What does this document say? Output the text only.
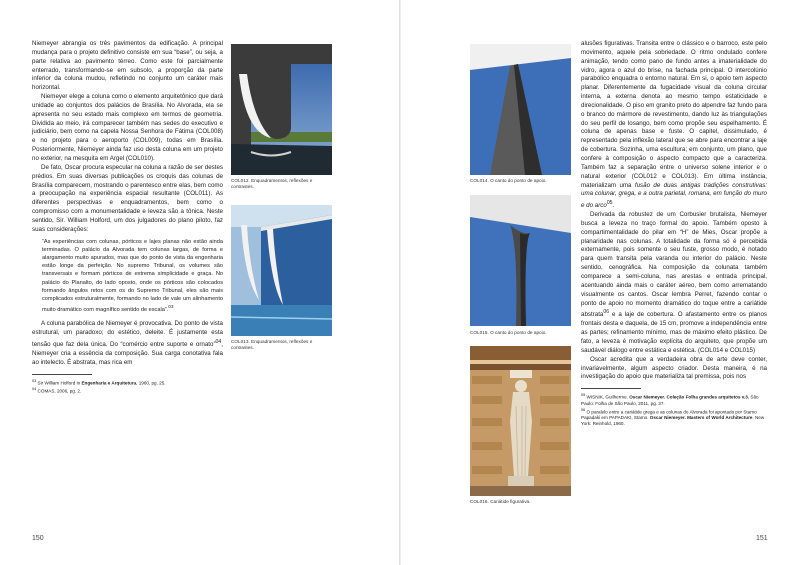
Niemeyer abrangia os três pavimentos da edificação. A principal mudança para o projeto definitivo consiste em sua “base”, ou seja, a parte relativa ao pavimento térreo. Como este foi parcialmente enterrado, transformando-se em subsolo, a proporção da parte inferior da coluna mudou, refletindo no conjunto um caráter mais horizontal.

Niemeyer elege a coluna como o elemento arquitetônico que dará unidade ao conjuntos dos palácios de Brasília. No Alvorada, ela se apresenta no seu estado mais complexo em termos de geometria. Dividida ao meio, irá comparecer também nas sedes do executivo e judiciário, bem como na capela Nossa Senhora de Fátima (COL008) e no projeto para o aeroporto (COL009), todas em Brasília. Posteriormente, Niemeyer ainda faz uso desta coluna em um projeto no exterior, na mesquita em Argel (COL010).

De fato, Oscar procura especular na coluna a razão de ser destes prédios. Em suas diversas publicações os croquis das colunas de Brasília comparecem, mostrando o parentesco entre elas, bem como a preocupação na experiência espacial resultante (COL011). As diferentes perspectivas e enquadramentos, bem como o compromisso com a monumentalidade e leveza são a tônica. Neste sentido, Sir. William Holford, um dos julgadores do plano piloto, faz suas considerações:

“As experiências com colunas, pórticos e lajes planas não estão ainda terminadas. O palácio da Alvorada tem colunas largas, de forma e alargamento muito apurados, mas que do ponto de vista da engenharia estão longe da perfeição. No supremo Tribunal, os volumes são transversais e formam pórticos de extrema simplicidade e graça. No palácio do Planalto, do lado oposto, onde os pórticos são colocados formando ângulos retos com os do Supremo Tribunal, eles são mais complicados estruturalmente, formando no lado de vale um alinhamento muito dramático com magnífico sentido de escala”.$^{03}$

A coluna parabólica de Niemeyer é provocativa. Do ponto de vista estrutural, um paradoxo; do estético, deleite. É justamente esta tensão que faz dela única. Do “comércio entre suporte e ornato”$^{04}$, Niemeyer cria a essência da composição. Sua carga conotativa fala ao intelecto. É abstrata, mas rica em

$^{03}$ Sir William Holford in Engenharia e Arquitetura, 1960, pg. 25.

$^{04}$ COMAS, 2006, pg. 2.

COL012. Enquadramentos, reflexões e contrastes.
COL013. Enquadramentos, reflexões e contrastes.
150
COL014. O canto do ponto de apoio.
COL015. O canto do ponto de apoio.
COL016. Cariátide figurativa.

alusões figurativas. Transita entre o clássico e o barroco, este pelo movimento, aquele pela sobriedade. O ritmo ondulado confere animação, tendo como pano de fundo antes a imaterialidade do vidro, agora o azul do brise, na fachada principal. O intercolúnio parabólico enquadra o entorno natural. Em si, o apoio tem aspecto planar. Diferentemente da fugacidade visual da coluna circular interna, a externa denota ao mesmo tempo estaticidade e direcionalidade. O piso em granito preto do alpendre faz fundo para o branco do mármore de revestimento, dando luz às triangulações do seu perfil de losango, bem como propõe seu espelhamento. É coluna de apenas base e fuste. O capitel, dissimulado, é representado pela inflexão lateral que se abre para encontrar a laje de cobertura. Sozinha, uma escultura; em conjunto, um plano, que confere à composição o aspecto compacto que a caracteriza. Também faz a separação entre o universo solene interior e o natural exterior (COL012 e COL013). Em última instância, materializam uma fusão de duas antigas tradições construtivas: uma colunar, grega, e a outra parietal, romana, em função do muro e do arco$^{05}$.

Derivada da robustez de um Corbusier brutalista, Niemeyer busca a leveza no traço formal do apoio. Também oposto à compartimentalidade do pilar em “H” de Mies, Oscar propõe a planaridade nas colunas. A totalidade da forma só é percebida externamente, pois somente o seu fuste, grosso modo, é notado para quem transita pela varanda ou interior do palácio. Neste sentido, cenográfica. Na composição da colunata também comparece a semi-coluna, nas arestas e entrada principal, acentuando ainda mais o caráter aéreo, bem como arrematando visualmente os cantos. Oscar lembra Perret, fazendo contar o ponto de apoio no momento dramático do toque entre a cariátide abstrata$^{06}$ e a laje de cobertura. O afastamento entre os planos frontais desta e daquela, de 15 cm, promove a independência entre as partes; refinamento mínimo, mas de máximo efeito plástico. De fato, a leveza é motivação explícita do arquiteto, que propõe um saudável diálogo entre estática e estética. (COL014 e COL015)

Oscar acredita que a verdadeira obra de arte deve conter, invariavelmente, algum aspecto criador. Desta maneira, é na investigação do apoio que materializa tal premissa, pois nos

$^{05}$ WISNIK, Guilherme. Oscar Niemeyer. Coleção Folha grandes arquitetos v.3. São Paulo: Folha de São Paulo, 2011, pg. 37.

$^{06}$ O paralelo entre a cariátide grega e as colunas do Alvorada foi apontado por Stamo Papadaki em PAPADAKI, Stamo. Oscar Niemeyer. Masters of World Architecture. New York: Reinhold, 1960.

151
